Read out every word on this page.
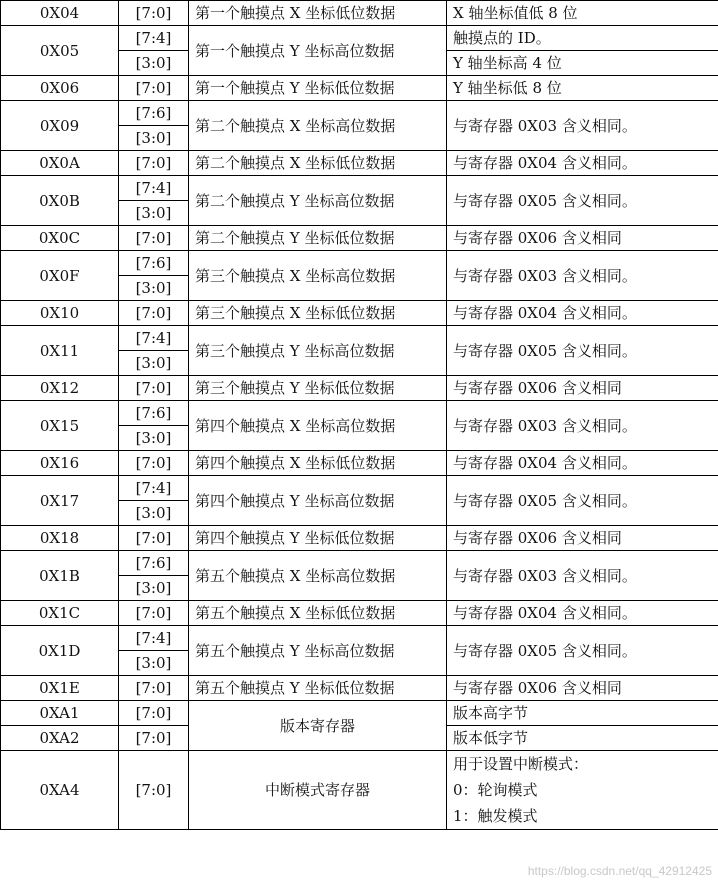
0X04	[7:0]	第一个触摸点 X 坐标低位数据	X 轴坐标值低 8 位
0X05	[7:4]	第一个触摸点 Y 坐标高位数据	触摸点的 ID。
	[3:0]		Y 轴坐标高 4 位
0X06	[7:0]	第一个触摸点 Y 坐标低位数据	Y 轴坐标低 8 位
0X09	[7:6]	第二个触摸点 X 坐标高位数据	与寄存器 0X03 含义相同。
	[3:0]		
0X0A	[7:0]	第二个触摸点 X 坐标低位数据	与寄存器 0X04 含义相同。
0X0B	[7:4]	第二个触摸点 Y 坐标高位数据	与寄存器 0X05 含义相同。
	[3:0]		
0X0C	[7:0]	第二个触摸点 Y 坐标低位数据	与寄存器 0X06 含义相同
0X0F	[7:6]	第三个触摸点 X 坐标高位数据	与寄存器 0X03 含义相同。
	[3:0]		
0X10	[7:0]	第三个触摸点 X 坐标低位数据	与寄存器 0X04 含义相同。
0X11	[7:4]	第三个触摸点 Y 坐标高位数据	与寄存器 0X05 含义相同。
	[3:0]		
0X12	[7:0]	第三个触摸点 Y 坐标低位数据	与寄存器 0X06 含义相同
0X15	[7:6]	第四个触摸点 X 坐标高位数据	与寄存器 0X03 含义相同。
	[3:0]		
0X16	[7:0]	第四个触摸点 X 坐标低位数据	与寄存器 0X04 含义相同。
0X17	[7:4]	第四个触摸点 Y 坐标高位数据	与寄存器 0X05 含义相同。
	[3:0]		
0X18	[7:0]	第四个触摸点 Y 坐标低位数据	与寄存器 0X06 含义相同
0X1B	[7:6]	第五个触摸点 X 坐标高位数据	与寄存器 0X03 含义相同。
	[3:0]		
0X1C	[7:0]	第五个触摸点 X 坐标低位数据	与寄存器 0X04 含义相同。
0X1D	[7:4]	第五个触摸点 Y 坐标高位数据	与寄存器 0X05 含义相同。
	[3:0]		
0X1E	[7:0]	第五个触摸点 Y 坐标低位数据	与寄存器 0X06 含义相同
0XA1	[7:0]	版本寄存器	版本高字节
0XA2	[7:0]		版本低字节
0XA4	[7:0]	中断模式寄存器	用于设置中断模式：
0：轮询模式
1：触发模式
https://blog.csdn.net/qq_42912425
